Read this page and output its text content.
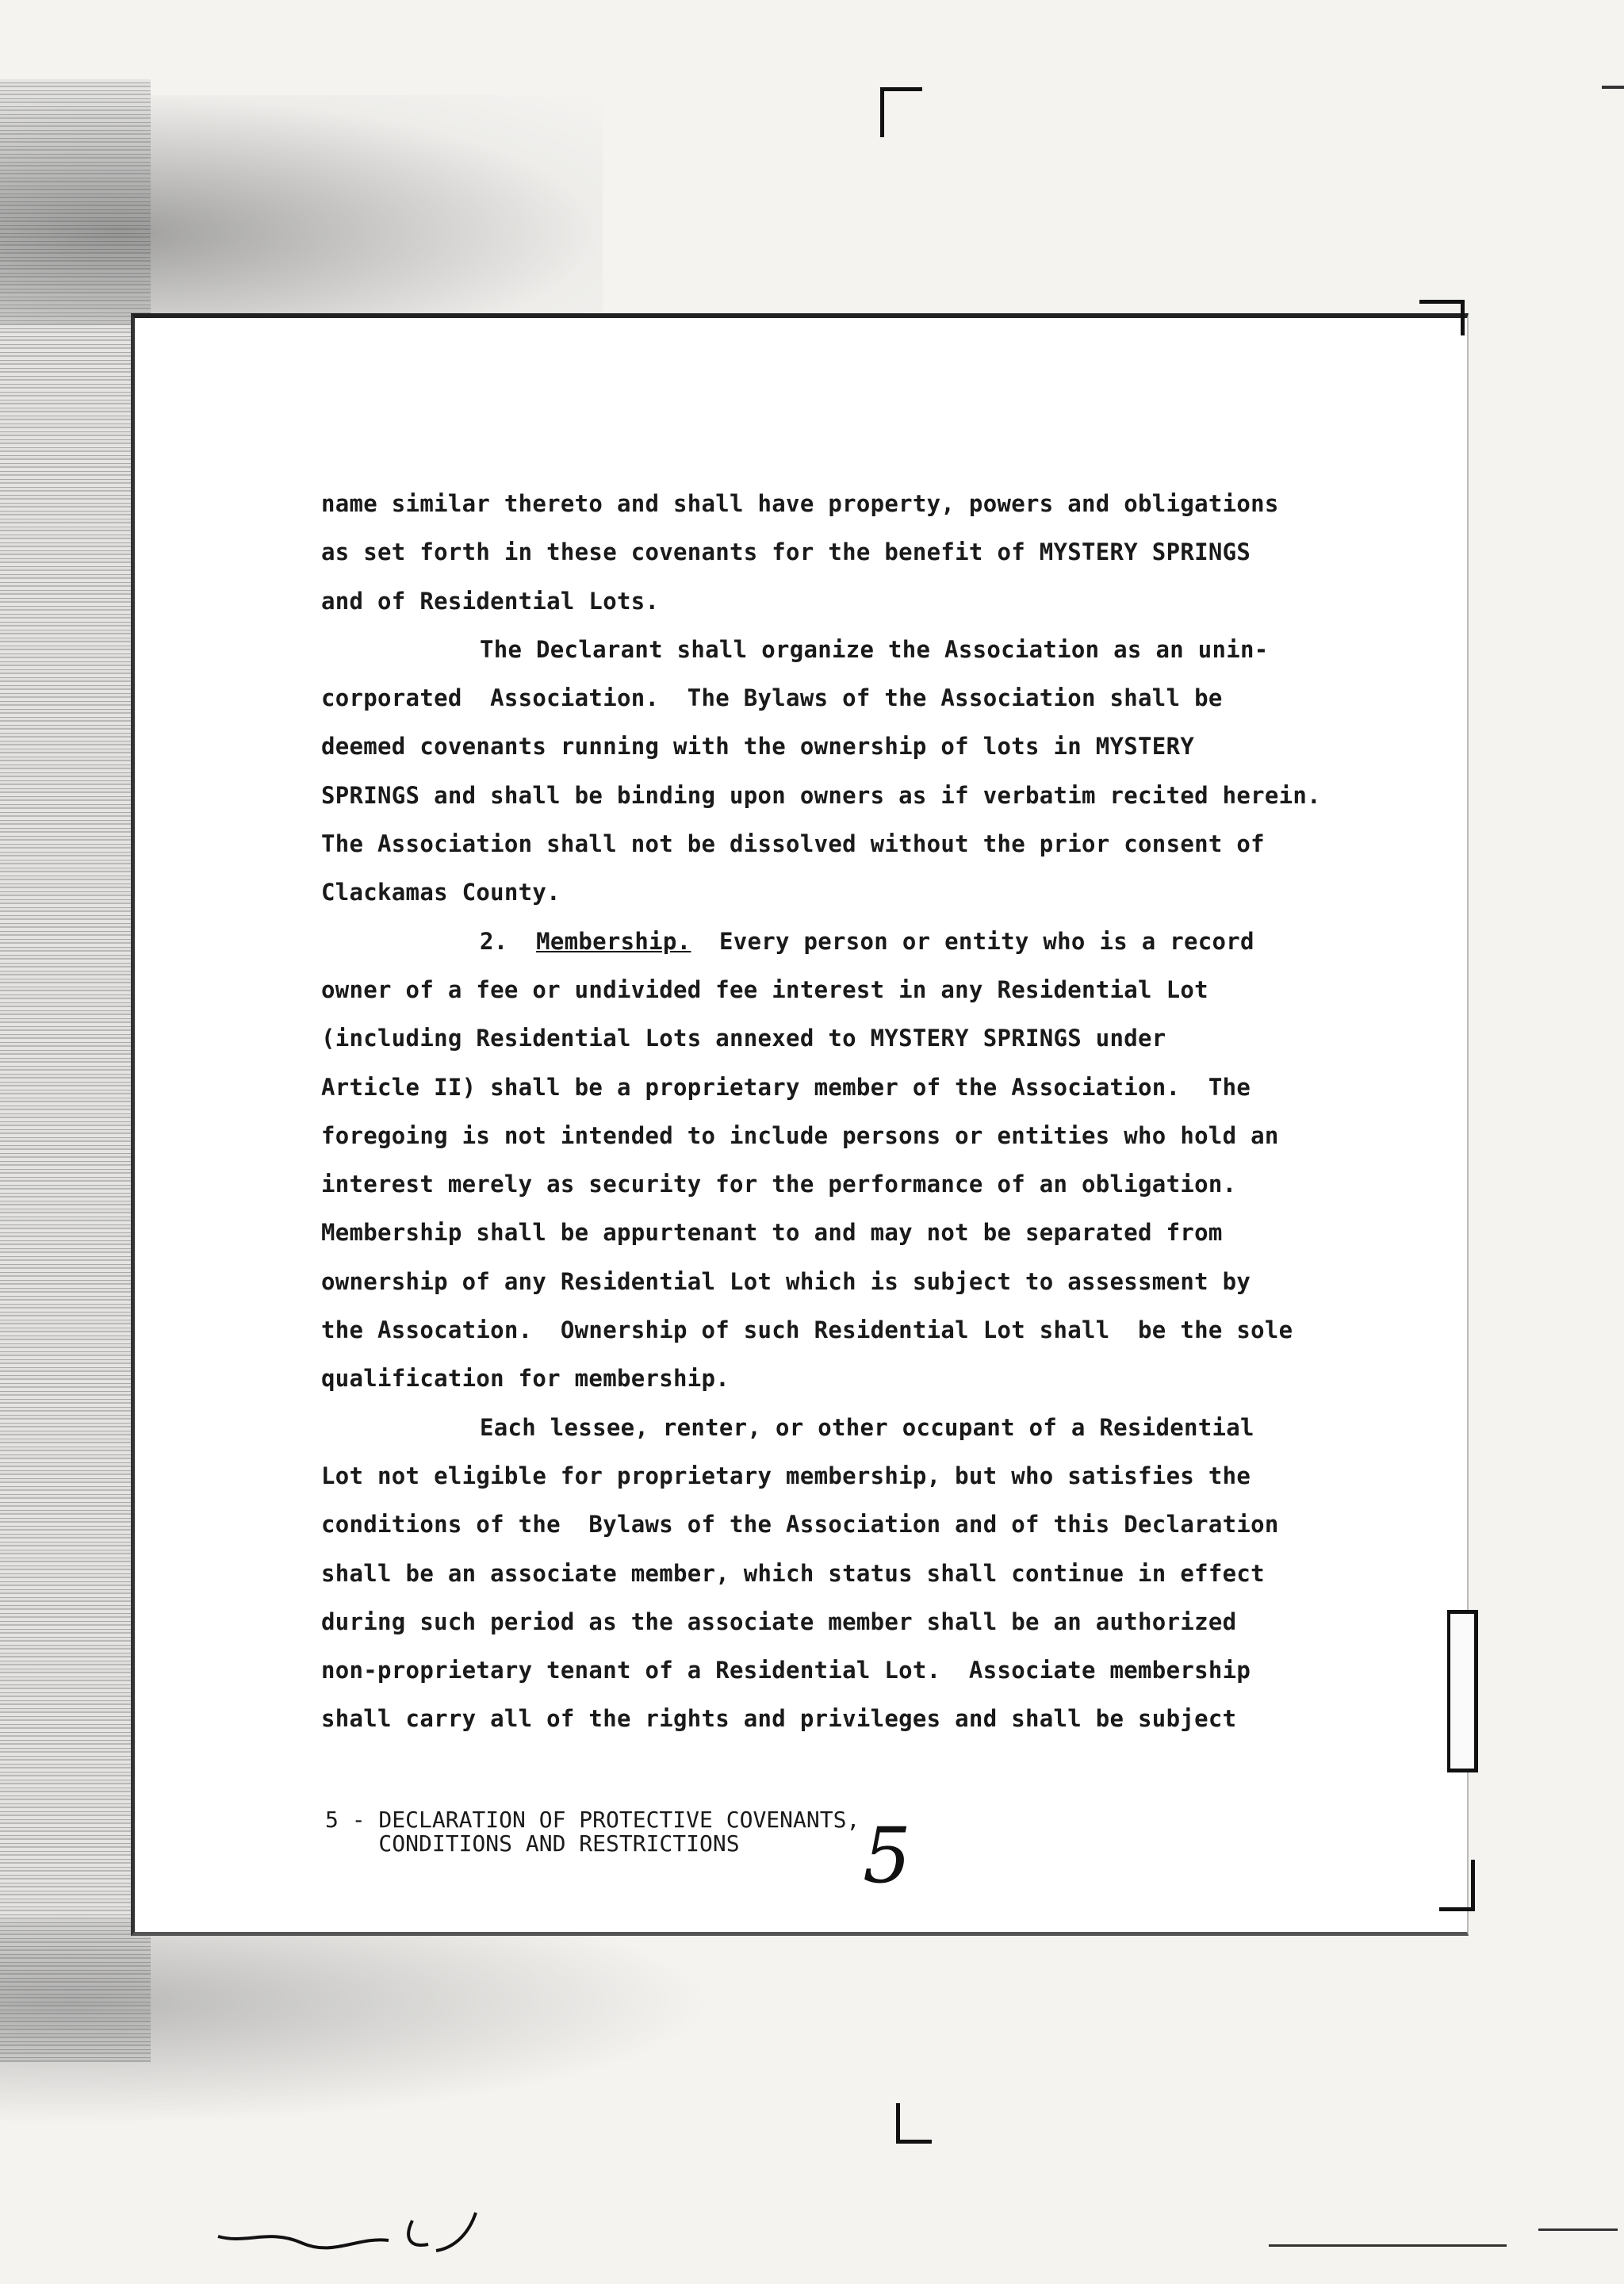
name similar thereto and shall have property, powers and obligations
as set forth in these covenants for the benefit of MYSTERY SPRINGS
and of Residential Lots.
The Declarant shall organize the Association as an unin-
corporated  Association.  The Bylaws of the Association shall be
deemed covenants running with the ownership of lots in MYSTERY
SPRINGS and shall be binding upon owners as if verbatim recited herein.
The Association shall not be dissolved without the prior consent of
Clackamas County.
2. Membership.  Every person or entity who is a record
owner of a fee or undivided fee interest in any Residential Lot
(including Residential Lots annexed to MYSTERY SPRINGS under
Article II) shall be a proprietary member of the Association.  The
foregoing is not intended to include persons or entities who hold an
interest merely as security for the performance of an obligation.
Membership shall be appurtenant to and may not be separated from
ownership of any Residential Lot which is subject to assessment by
the Assocation.  Ownership of such Residential Lot shall  be the sole
qualification for membership.
Each lessee, renter, or other occupant of a Residential
Lot not eligible for proprietary membership, but who satisfies the
conditions of the  Bylaws of the Association and of this Declaration
shall be an associate member, which status shall continue in effect
during such period as the associate member shall be an authorized
non-proprietary tenant of a Residential Lot.  Associate membership
shall carry all of the rights and privileges and shall be subject
5 - DECLARATION OF PROTECTIVE COVENANTS,
CONDITIONS AND RESTRICTIONS	5
